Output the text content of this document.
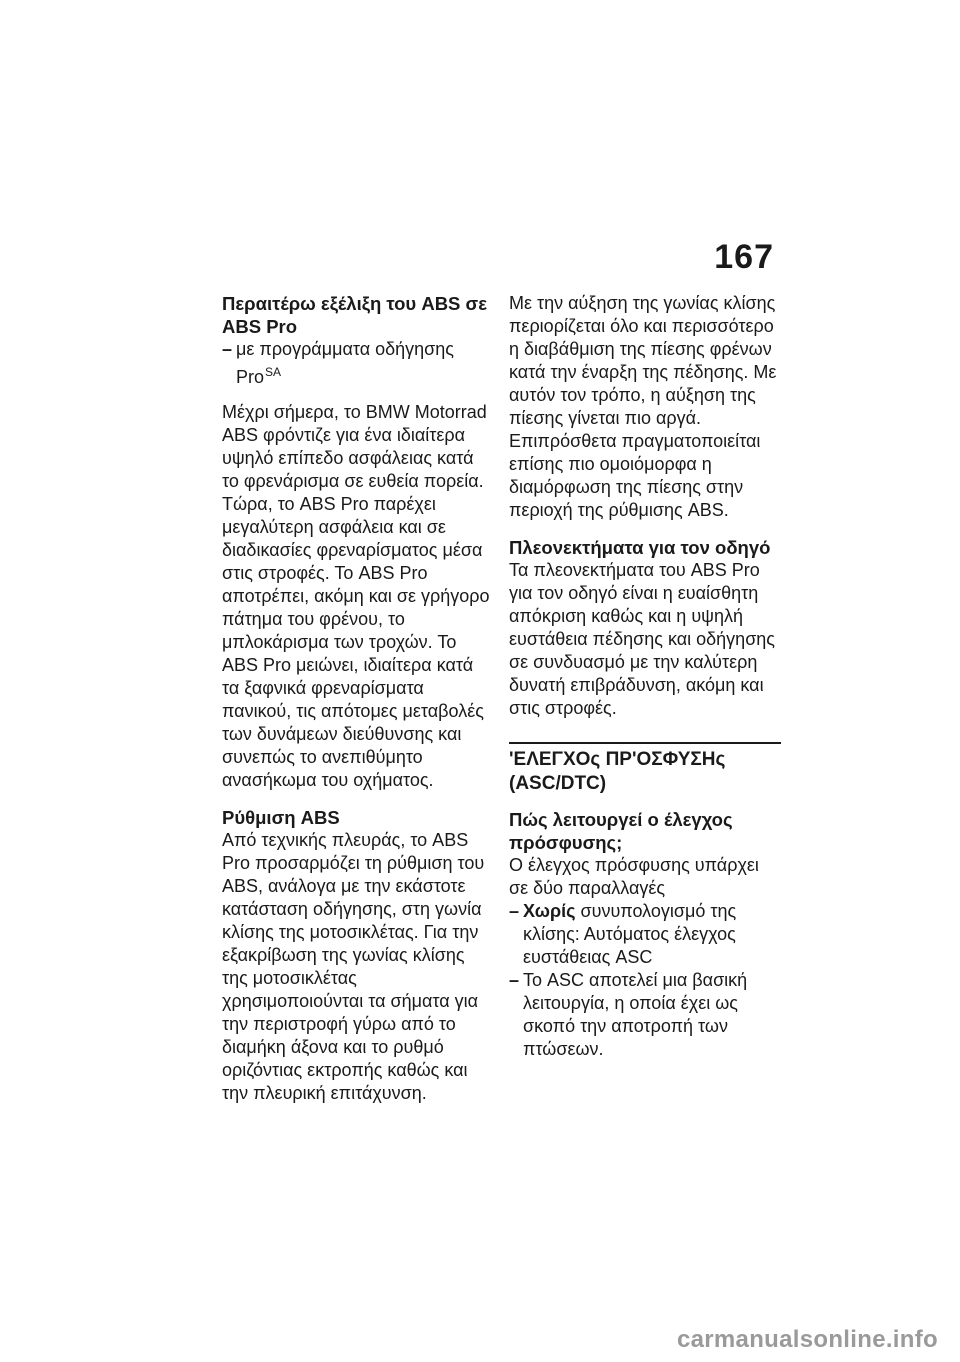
167
Περαιτέρω εξέλιξη του ABS σε ABS Pro
– με προγράμματα οδήγησης Pro$^{SA}$

Μέχρι σήμερα, το BMW Motorrad ABS φρόντιζε για ένα ιδιαίτερα υψηλό επίπεδο ασφάλειας κατά το φρενάρισμα σε ευθεία πορεία. Τώρα, το ABS Pro παρέχει μεγαλύτερη ασφάλεια και σε διαδικασίες φρεναρίσματος μέσα στις στροφές. Το ABS Pro αποτρέπει, ακόμη και σε γρήγορο πάτημα του φρένου, το μπλοκάρισμα των τροχών. Το ABS Pro μειώνει, ιδιαίτερα κατά τα ξαφνικά φρεναρίσματα πανικού, τις απότομες μεταβολές των δυνάμεων διεύθυνσης και συνεπώς το ανεπιθύμητο ανασήκωμα του οχήματος.

Ρύθμιση ABS

Από τεχνικής πλευράς, το ABS Pro προσαρμόζει τη ρύθμιση του ABS, ανάλογα με την εκάστοτε κατάσταση οδήγησης, στη γωνία κλίσης της μοτοσικλέτας. Για την εξακρίβωση της γωνίας κλίσης της μοτοσικλέτας χρησιμοποιούνται τα σήματα για την περιστροφή γύρω από το διαμήκη άξονα και το ρυθμό οριζόντιας εκτροπής καθώς και την πλευρική επιτάχυνση.

Με την αύξηση της γωνίας κλίσης περιορίζεται όλο και περισσότερο η διαβάθμιση της πίεσης φρένων κατά την έναρξη της πέδησης. Με αυτόν τον τρόπο, η αύξηση της πίεσης γίνεται πιο αργά. Επιπρόσθετα πραγματοποιείται επίσης πιο ομοιόμορφα η διαμόρφωση της πίεσης στην περιοχή της ρύθμισης ABS.

Πλεονεκτήματα για τον οδηγό

Τα πλεονεκτήματα του ABS Pro για τον οδηγό είναι η ευαίσθητη απόκριση καθώς και η υψηλή ευστάθεια πέδησης και οδήγησης σε συνδυασμό με την καλύτερη δυνατή επιβράδυνση, ακόμη και στις στροφές.

'ΕΛΕΓΧΟς ΠΡ'ΟΣΦΥΣΗς (ASC/DTC)
Πώς λειτουργεί ο έλεγχος πρόσφυσης;

Ο έλεγχος πρόσφυσης υπάρχει σε δύο παραλλαγές

– Χωρίς συνυπολογισμό της κλίσης: Αυτόματος έλεγχος ευστάθειας ASC
– Το ASC αποτελεί μια βασική λειτουργία, η οποία έχει ως σκοπό την αποτροπή των πτώσεων.
carmanualsonline.info
